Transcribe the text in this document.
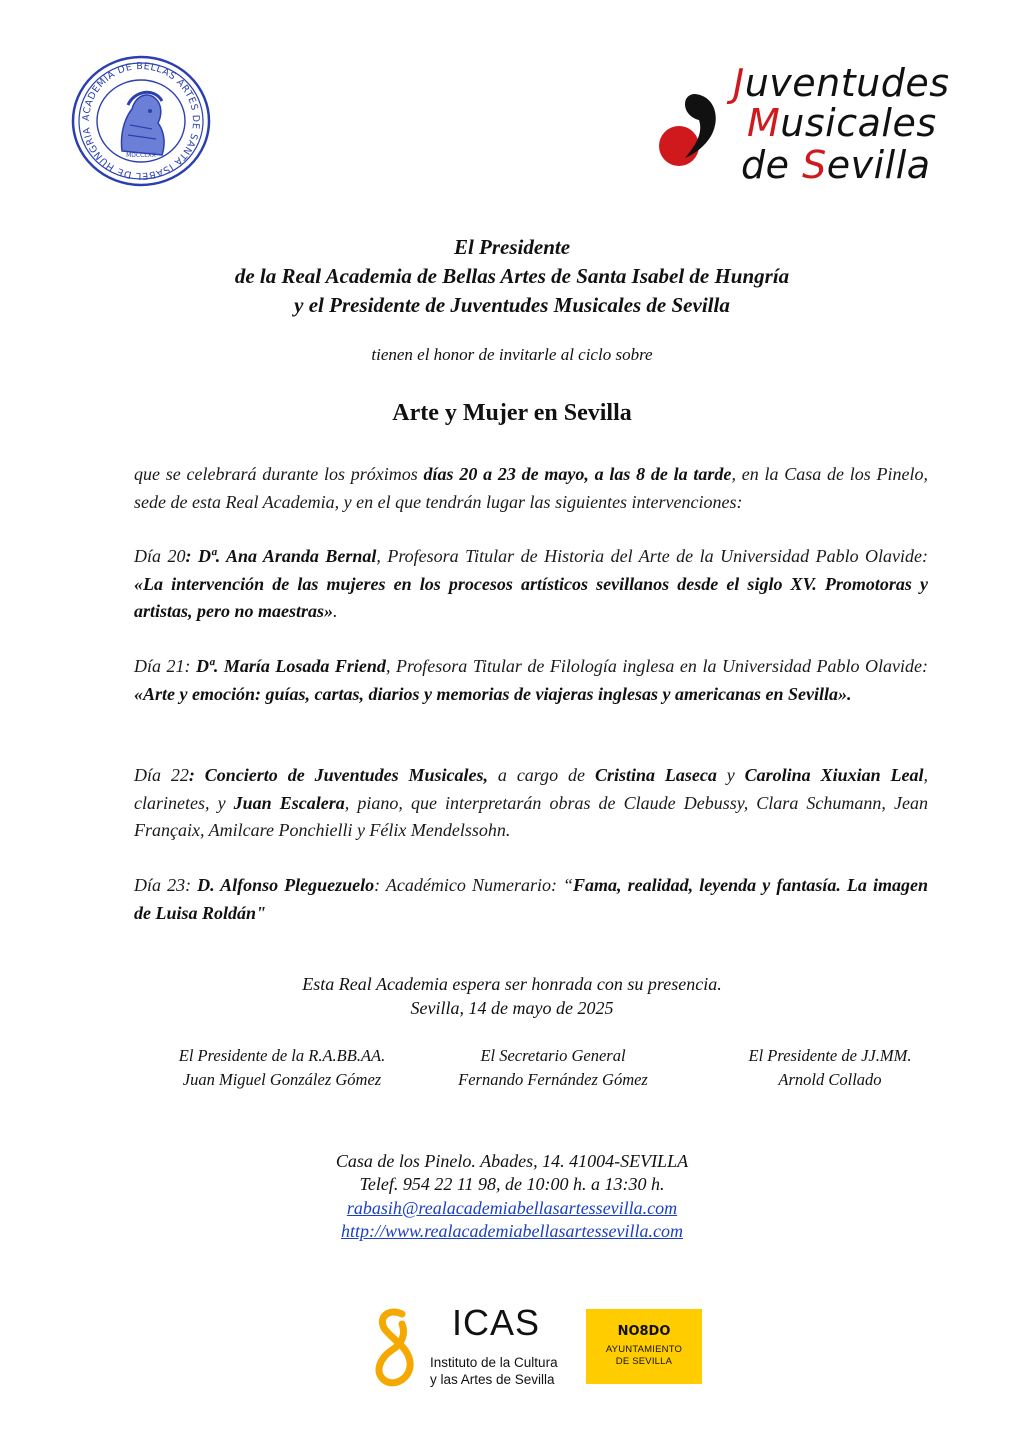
ACADEMIA DE BELLAS ARTES DE SANTA ISABEL DE HUNGRIA
MDCCLXX
Juventudes
Musicales
de Sevilla
El Presidente
de la Real Academia de Bellas Artes de Santa Isabel de Hungría
y el Presidente de Juventudes Musicales de Sevilla
tienen el honor de invitarle al ciclo sobre
Arte y Mujer en Sevilla
que se celebrará durante los próximos días 20 a 23 de mayo, a las 8 de la tarde, en la Casa de los Pinelo, sede de esta Real Academia, y en el que tendrán lugar las siguientes intervenciones:
Día 20: Dª. Ana Aranda Bernal, Profesora Titular de Historia del Arte de la Universidad Pablo Olavide: «La intervención de las mujeres en los procesos artísticos sevillanos desde el siglo XV. Promotoras y artistas, pero no maestras».
Día 21: Dª. María Losada Friend, Profesora Titular de Filología inglesa en la Universidad Pablo Olavide: «Arte y emoción: guías, cartas, diarios y memorias de viajeras inglesas y americanas en Sevilla».
Día 22: Concierto de Juventudes Musicales, a cargo de Cristina Laseca y Carolina Xiuxian Leal, clarinetes, y Juan Escalera, piano, que interpretarán obras de Claude Debussy, Clara Schumann, Jean Françaix, Amilcare Ponchielli y Félix Mendelssohn.
Día 23: D. Alfonso Pleguezuelo: Académico Numerario: “Fama, realidad, leyenda y fantasía. La imagen de Luisa Roldán"
Esta Real Academia espera ser honrada con su presencia.
Sevilla, 14 de mayo de 2025
El Presidente de la R.A.BB.AA.
Juan Miguel González Gómez
El Secretario General
Fernando Fernández Gómez
El Presidente de JJ.MM.
Arnold Collado
Casa de los Pinelo. Abades, 14. 41004-SEVILLA
Telef. 954 22 11 98, de 10:00 h. a 13:30 h.
rabasih@realacademiabellasartessevilla.com
http://www.realacademiabellasartessevilla.com
ICAS
Instituto de la Cultura
y las Artes de Sevilla
NO8DO
AYUNTAMIENTO
DE SEVILLA
